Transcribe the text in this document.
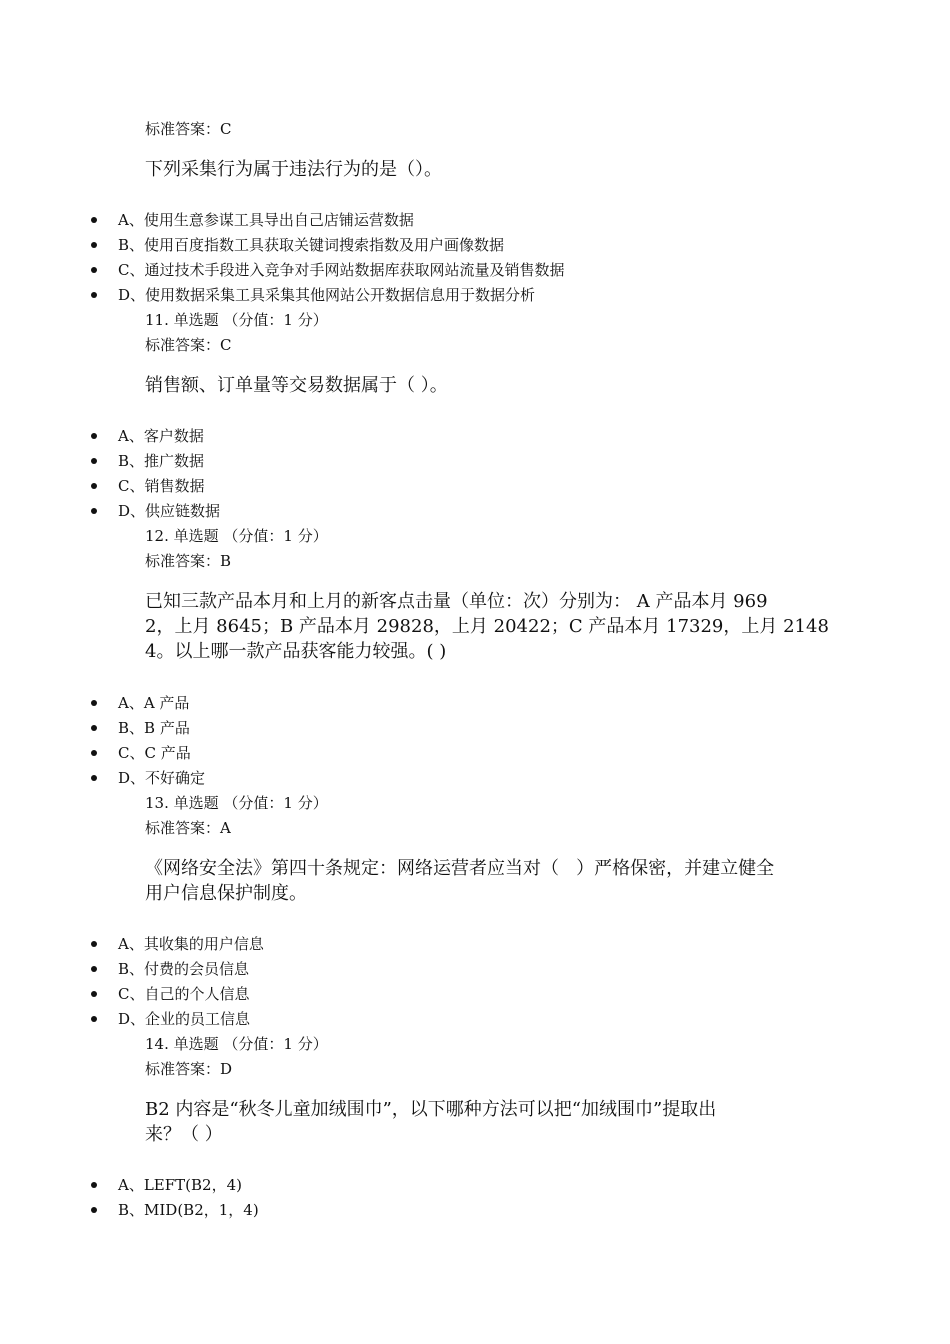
标准答案：C
下列采集行为属于违法行为的是（）。
A、使用生意参谋工具导出自己店铺运营数据
B、使用百度指数工具获取关键词搜索指数及用户画像数据
C、通过技术手段进入竞争对手网站数据库获取网站流量及销售数据
D、使用数据采集工具采集其他网站公开数据信息用于数据分析
11. 单选题 （分值：1 分）
标准答案：C
销售额、订单量等交易数据属于（ ）。
A、客户数据
B、推广数据
C、销售数据
D、供应链数据
12. 单选题 （分值：1 分）
标准答案：B
已知三款产品本月和上月的新客点击量（单位：次）分别为： A 产品本月 969
2，上月 8645；B 产品本月 29828，上月 20422；C 产品本月 17329，上月 2148
4。以上哪一款产品获客能力较强。( )
A、A 产品
B、B 产品
C、C 产品
D、不好确定
13. 单选题 （分值：1 分）
标准答案：A
《网络安全法》第四十条规定：网络运营者应当对（   ）严格保密，并建立健全
用户信息保护制度。
A、其收集的用户信息
B、付费的会员信息
C、自己的个人信息
D、企业的员工信息
14. 单选题 （分值：1 分）
标准答案：D
B2 内容是“秋冬儿童加绒围巾”，以下哪种方法可以把“加绒围巾”提取出
来？（ ）
A、LEFT(B2，4)
B、MID(B2，1，4)
